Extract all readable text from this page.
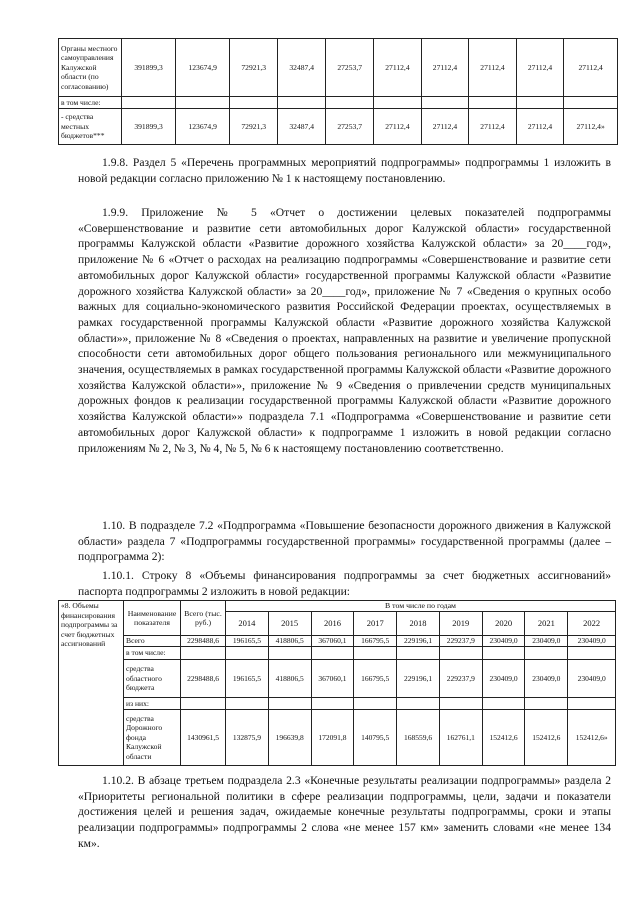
Органы местного самоуправления Калужской области (по согласованию)	391899,3	123674,9	72921,3	32487,4	27253,7	27112,4	27112,4	27112,4	27112,4	27112,4
в том числе:										
- средства местных бюджетов***	391899,3	123674,9	72921,3	32487,4	27253,7	27112,4	27112,4	27112,4	27112,4	27112,4»

1.9.8. Раздел 5 «Перечень программных мероприятий подпрограммы» подпрограммы 1 изложить в новой редакции согласно приложению № 1 к настоящему постановлению.

1.9.9. Приложение № 5 «Отчет о достижении целевых показателей подпрограммы «Совершенствование и развитие сети автомобильных дорог Калужской области» государственной программы Калужской области «Развитие дорожного хозяйства Калужской области» за 20____год», приложение № 6 «Отчет о расходах на реализацию подпрограммы «Совершенствование и развитие сети автомобильных дорог Калужской области» государственной программы Калужской области «Развитие дорожного хозяйства Калужской области» за 20____год», приложение № 7 «Сведения о крупных особо важных для социально-экономического развития Российской Федерации проектах, осуществляемых в рамках государственной программы Калужской области «Развитие дорожного хозяйства Калужской области»», приложение № 8 «Сведения о проектах, направленных на развитие и увеличение пропускной способности сети автомобильных дорог общего пользования регионального или межмуниципального значения, осуществляемых в рамках государственной программы Калужской области «Развитие дорожного хозяйства Калужской области»», приложение № 9 «Сведения о привлечении средств муниципальных дорожных фондов к реализации государственной программы Калужской области «Развитие дорожного хозяйства Калужской области»» подраздела 7.1 «Подпрограмма «Совершенствование и развитие сети автомобильных дорог Калужской области» к подпрограмме 1 изложить в новой редакции согласно приложениям № 2, № 3, № 4, № 5, № 6 к настоящему постановлению соответственно.

1.10. В подразделе 7.2 «Подпрограмма «Повышение безопасности дорожного движения в Калужской области» раздела 7 «Подпрограммы государственной программы» государственной программы (далее – подпрограмма 2):

1.10.1. Строку 8 «Объемы финансирования подпрограммы за счет бюджетных ассигнований» паспорта подпрограммы 2 изложить в новой редакции:

«8. Объемы финансирования подпрограммы за счет бюджетных ассигнований	Наименование показателя	Всего (тыс. руб.)	В том числе по годам								
			2014	2015	2016	2017	2018	2019	2020	2021	2022
	Всего	2298488,6	196165,5	418806,5	367060,1	166795,5	229196,1	229237,9	230409,0	230409,0	230409,0
	в том числе:										
	средства областного бюджета	2298488,6	196165,5	418806,5	367060,1	166795,5	229196,1	229237,9	230409,0	230409,0	230409,0
	из них:										
	средства Дорожного фонда Калужской области	1430961,5	132875,9	196639,8	172091,8	140795,5	168559,6	162761,1	152412,6	152412,6	152412,6»

1.10.2. В абзаце третьем подраздела 2.3 «Конечные результаты реализации подпрограммы» раздела 2 «Приоритеты региональной политики в сфере реализации подпрограммы, цели, задачи и показатели достижения целей и решения задач, ожидаемые конечные результаты подпрограммы, сроки и этапы реализации подпрограммы» подпрограммы 2 слова «не менее 157 км» заменить словами «не менее 134 км».
